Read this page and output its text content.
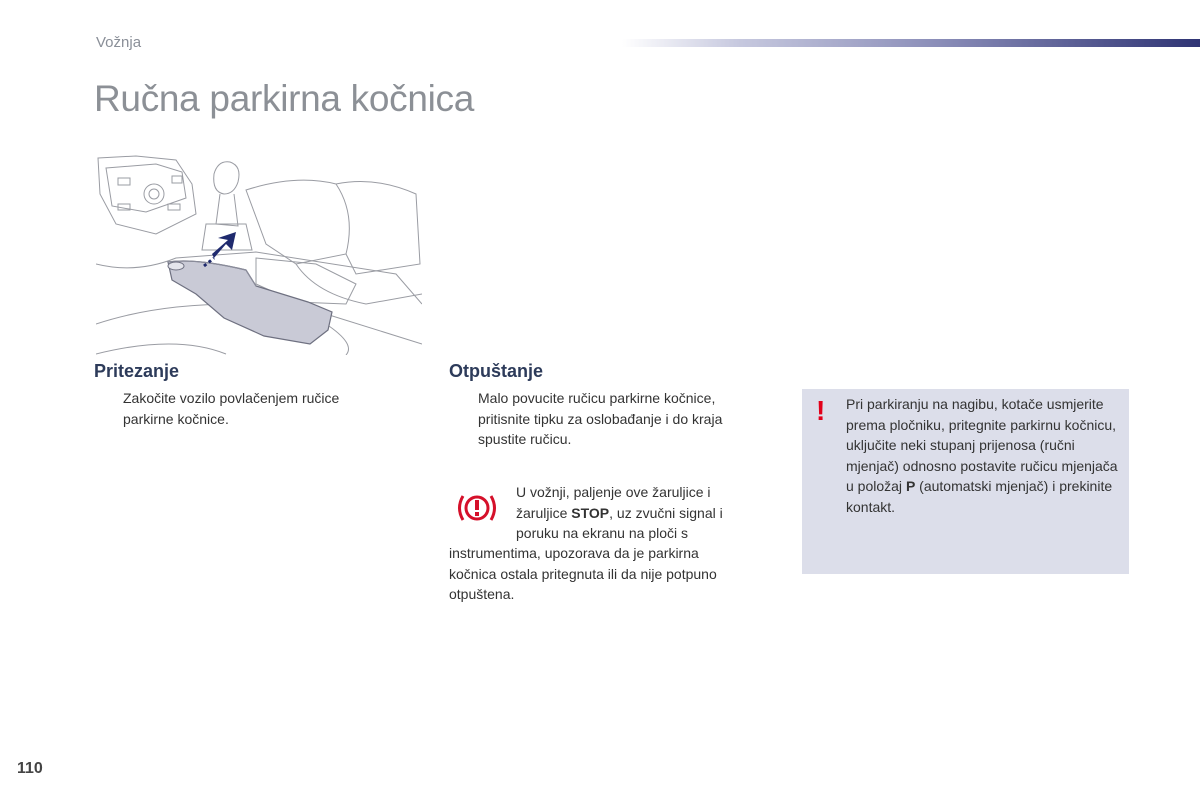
Vožnja
Ručna parkirna kočnica
Pritezanje
Zakočite vozilo povlačenjem ručice parkirne kočnice.
Otpuštanje
Malo povucite ručicu parkirne kočnice, pritisnite tipku za oslobađanje i do kraja spustite ručicu.
U vožnji, paljenje ove žaruljice i žaruljice STOP, uz zvučni signal i poruku na ekranu na ploči s
instrumentima, upozorava da je parkirna kočnica ostala pritegnuta ili da nije potpuno otpuštena.
! Pri parkiranju na nagibu, kotače usmjerite prema pločniku, pritegnite parkirnu kočnicu, uključite neki stupanj prijenosa (ručni mjenjač) odnosno postavite ručicu mjenjača u položaj P (automatski mjenjač) i prekinite kontakt.
110
